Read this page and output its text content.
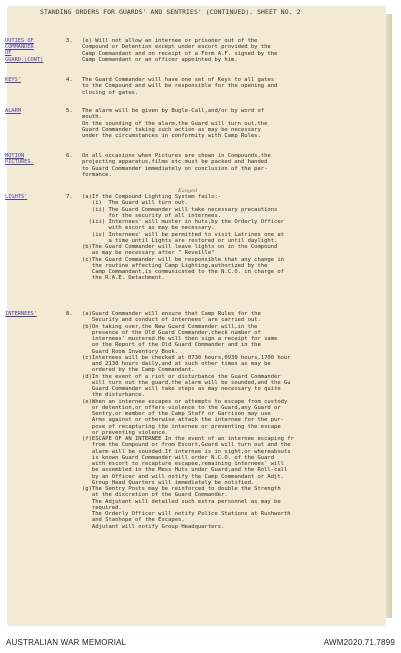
STANDING ORDERS FOR GUARDS' AND SENTRIES' (CONTINUED). SHEET NO. 2
DUTIES OF
COMMANDER
OF
GUARD.(CONT)
3. (e) Will not allow an internee or prisoner out of the
Compound or Detention except under escort provided by the
Camp Commandant and on receipt of a Form A.F. signed by the
Camp Commandant or an officer appointed by him.
KEYS'	4. The Guard Commander will have one set of Keys to all gates
to the Compound and will be responsible for the opening and
closing of gates.
ALARM	5. The alarm will be given by Bugle-Call,and/or by word of
mouth.
On the sounding of the alarm,the Guard will turn out,the
Guard Commander taking such action as may be necessary
under the circumstances in conformity with Camp Rules.
MOTION
PICTURES.
6. On all occasions when Pictures are shown in Compounds,the
projecting apparatus,films etc.must be packed and handed
to Guard Commander immediately on conclusion of the per-
formance.
LIGHTS'	7. (a)If the Compound Lighting System fails:-
(i)  The Guard will turn out.
(ii) The Guard Commander will take necessary precautions
for the security of all internees.
(iii) Internees' will muster in huts,by the Orderly Officer
with escort as may be necessary.
(iv) Internees' will be permitted to visit Latrines one at
a time until Lights are restored or until daylight.
(b)The Guard Commander will leave lights on in the Compound
as may be necessary after " Reveille"
(c)The Guard Commander will be responsible that any change in
the routine affecting Camp Lighting,authorized by the
Camp Commandant,is communicated to the N.C.O. in charge of
the R.A.E. Detachment.
Kanged
INTERNEES'	8. (a)Guard Commander will ensure that Camp Rules for the
Security and conduct of internees' are carried out.
(b)On taking over,the New Guard Commander will,in the
presence of the Old Guard Commander,check number of
internees' mustered.He will then sign a receipt for same
on the Report of the Old Guard Commander and in the
Guard Room Inventory Book.
(c)Internees will be checked at 0730 hours,0930 hours,1700 hour
and 2130 hours daily,and at such other times as may be
ordered by the Camp Commandant.
(d)In the event of a riot or disturbance the Guard Commander
will turn out the guard,the alarm will be sounded,and the Gu
Guard Commander will take steps as may necessary to quite
the disturbance.
(e)When an internee escapes or attempts to escape from custody
or detention,or offers violence to the Guard,any Guard or
Sentry,or member of the Camp Staff or Garrison may use
Arms against or otherwise attack the internee for the pur-
pose of recapturing the internee or preventing the escape
or preventing violence.
(f)ESCAPE OF AN INTERNEE In the event of an internee escaping fr
from the Compound or from Escort,Guard will turn out and the
alarm will be sounded.If internee is in sight,or whereabouts
is known Guard Commander will order N.C.O. of the Guard
with escort to recapture escapee,remaining internees' will
be assembled in the Mess Huts under Guard,and the Roll-call
by an Officer and will notify the Camp Commandant or Adjt.
Group Head Quarters will immediately be notified.
(g)The Sentry Posts may be reinforced to double the Strength
at the discretion of the Guard Commander.
The Adjutant will detailed such extra personnel as may be
required.
The Orderly Officer will notify Police Stations at Rushworth
and Stanhope of the Escapes.
Adjutant will notify Group Headquarters.
AUSTRALIAN WAR MEMORIAL	AWM2020.71.7899
